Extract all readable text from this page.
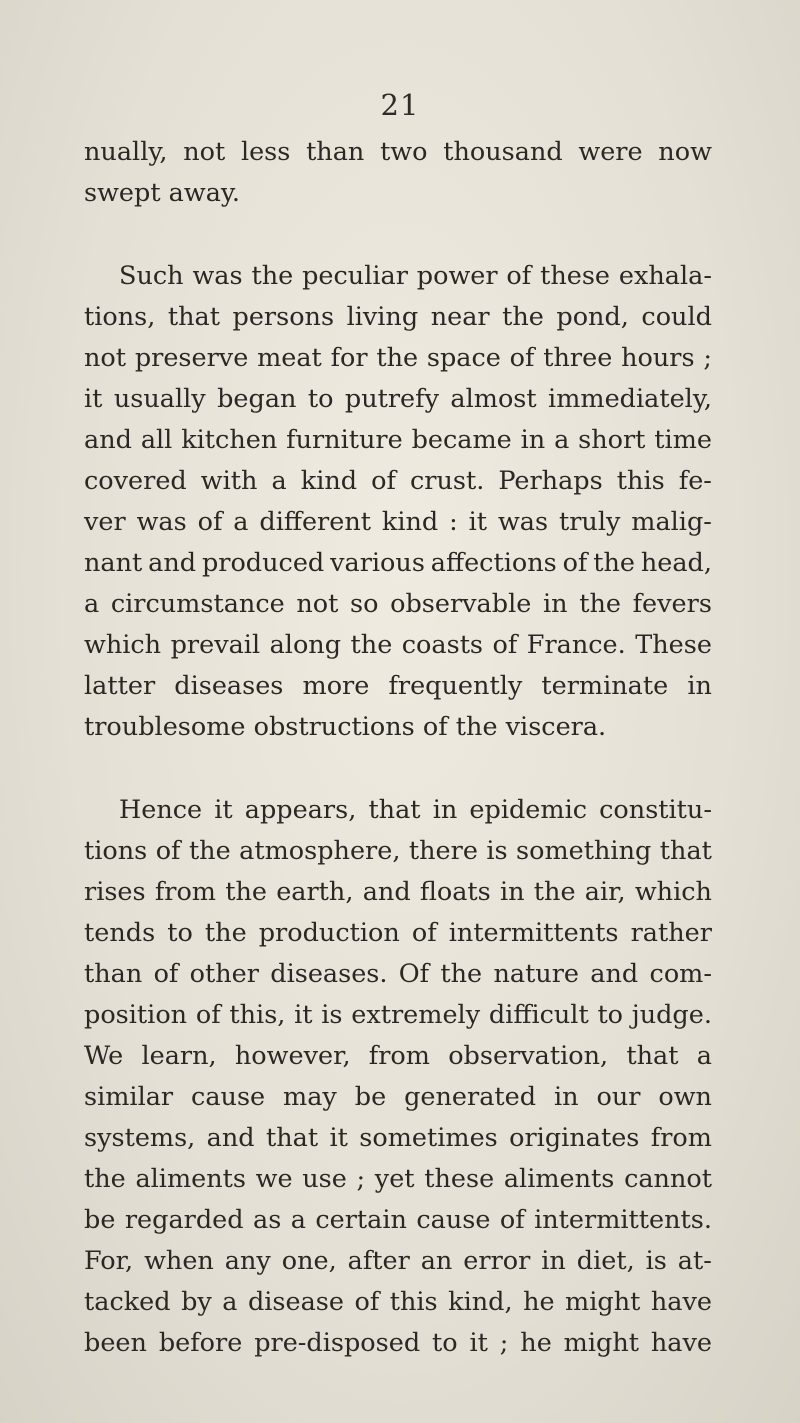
21
nually, not less than two thousand were now
swept away.
Such was the peculiar power of these exhala-
tions, that persons living near the pond, could
not preserve meat for the space of three hours ;
it usually began to putrefy almost immediately,
and all kitchen furniture became in a short time
covered with a kind of crust. Perhaps this fe-
ver was of a different kind : it was truly malig-
nant and produced various affections of the head,
a circumstance not so observable in the fevers
which prevail along the coasts of France. These
latter diseases more frequently terminate in
troublesome obstructions of the viscera.
Hence it appears, that in epidemic constitu-
tions of the atmosphere, there is something that
rises from the earth, and floats in the air, which
tends to the production of intermittents rather
than of other diseases. Of the nature and com-
position of this, it is extremely difficult to judge.
We learn, however, from observation, that a
similar cause may be generated in our own
systems, and that it sometimes originates from
the aliments we use ; yet these aliments cannot
be regarded as a certain cause of intermittents.
For, when any one, after an error in diet, is at-
tacked by a disease of this kind, he might have
been before pre-disposed to it ; he might have
